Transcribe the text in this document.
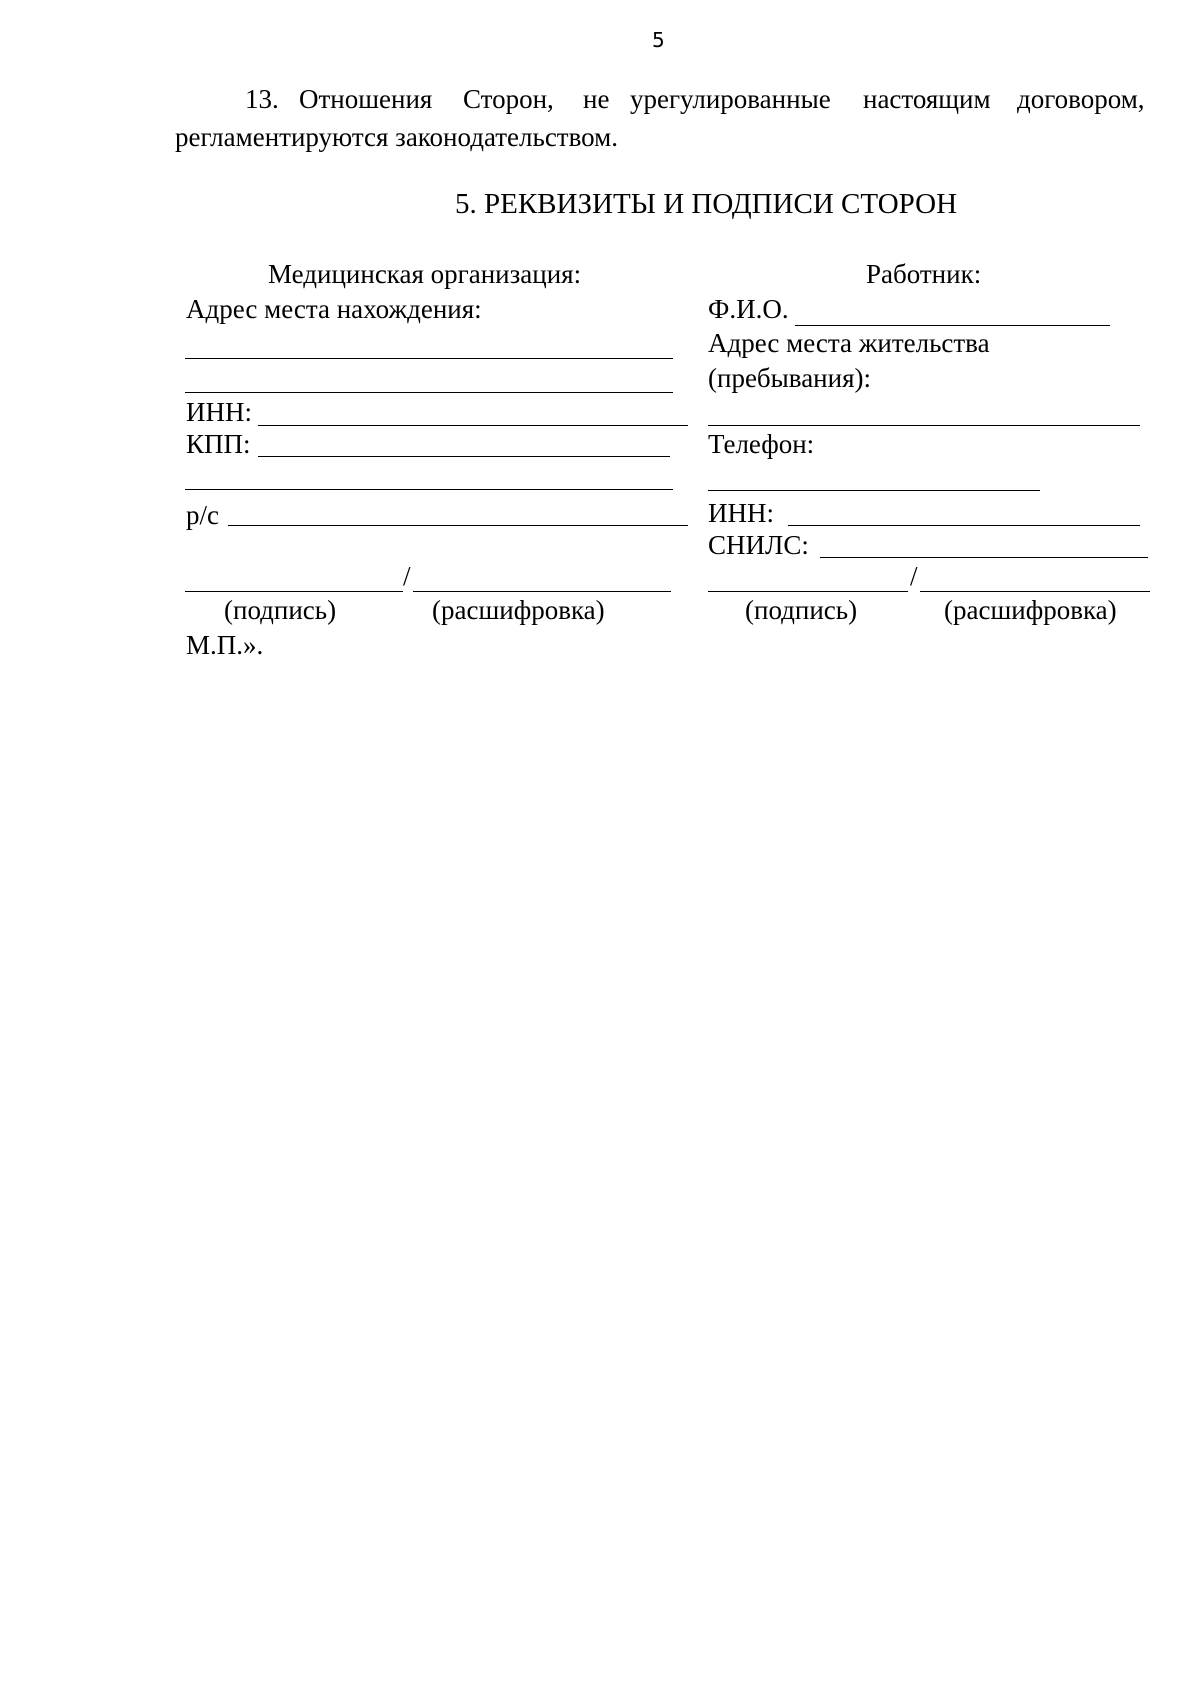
5
13. Отношения Сторон, не урегулированные настоящим договором,
регламентируются законодательством.
5. РЕКВИЗИТЫ И ПОДПИСИ СТОРОН
Медицинская организация:
Адрес места нахождения:
ИНН:
КПП:
р/с
/
(подпись)	(расшифровка)
М.П.».
Работник:
Ф.И.О.
Адрес места жительства
(пребывания):
Телефон:
ИНН:
СНИЛС:
/
(подпись)	(расшифровка)
